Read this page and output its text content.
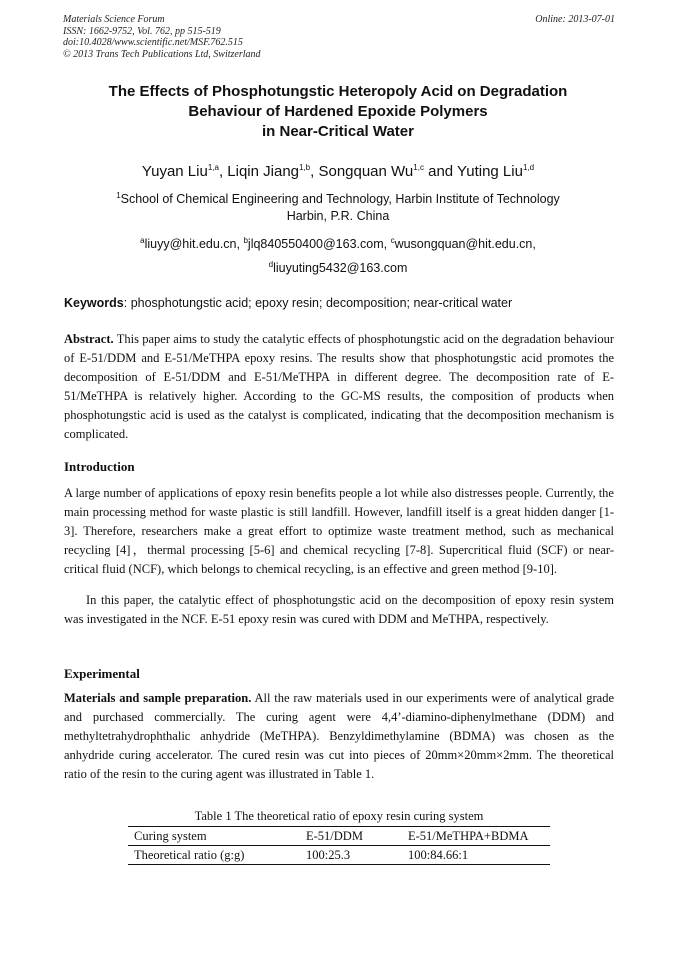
Materials Science Forum
ISSN: 1662-9752, Vol. 762, pp 515-519
doi:10.4028/www.scientific.net/MSF.762.515
© 2013 Trans Tech Publications Ltd, Switzerland
Online: 2013-07-01
The Effects of Phosphotungstic Heteropoly Acid on Degradation
Behaviour of Hardened Epoxide Polymers
in Near-Critical Water
Yuyan Liu$^{1,a}$, Liqin Jiang$^{1,b}$, Songquan Wu$^{1,c}$ and Yuting Liu$^{1,d}$
$^1$School of Chemical Engineering and Technology, Harbin Institute of Technology
Harbin, P.R. China
$^a$liuyy@hit.edu.cn, $^b$jlq840550400@163.com, $^c$wusongquan@hit.edu.cn,
$^d$liuyuting5432@163.com
Keywords: phosphotungstic acid; epoxy resin; decomposition; near-critical water
Abstract. This paper aims to study the catalytic effects of phosphotungstic acid on the degradation behaviour of E-51/DDM and E-51/MeTHPA epoxy resins. The results show that phosphotungstic acid promotes the decomposition of E-51/DDM and E-51/MeTHPA in different degree. The decomposition rate of E-51/MeTHPA is relatively higher. According to the GC-MS results, the composition of products when phosphotungstic acid is used as the catalyst is complicated, indicating that the decomposition mechanism is complicated.
Introduction
A large number of applications of epoxy resin benefits people a lot while also distresses people. Currently, the main processing method for waste plastic is still landfill. However, landfill itself is a great hidden danger [1-3]. Therefore, researchers make a great effort to optimize waste treatment method, such as mechanical recycling [4]，thermal processing [5-6] and chemical recycling [7-8]. Supercritical fluid (SCF) or near-critical fluid (NCF), which belongs to chemical recycling, is an effective and green method [9-10].
In this paper, the catalytic effect of phosphotungstic acid on the decomposition of epoxy resin system was investigated in the NCF. E-51 epoxy resin was cured with DDM and MeTHPA, respectively.
Experimental
Materials and sample preparation. All the raw materials used in our experiments were of analytical grade and purchased commercially. The curing agent were 4,4’-diamino-diphenylmethane (DDM) and methyltetrahydrophthalic anhydride (MeTHPA). Benzyldimethylamine (BDMA) was chosen as the anhydride curing accelerator. The cured resin was cut into pieces of 20mm×20mm×2mm. The theoretical ratio of the resin to the curing agent was illustrated in Table 1.
Table 1 The theoretical ratio of epoxy resin curing system
Curing system	E-51/DDM	E-51/MeTHPA+BDMA
Theoretical ratio (g:g)	100:25.3	100:84.66:1
